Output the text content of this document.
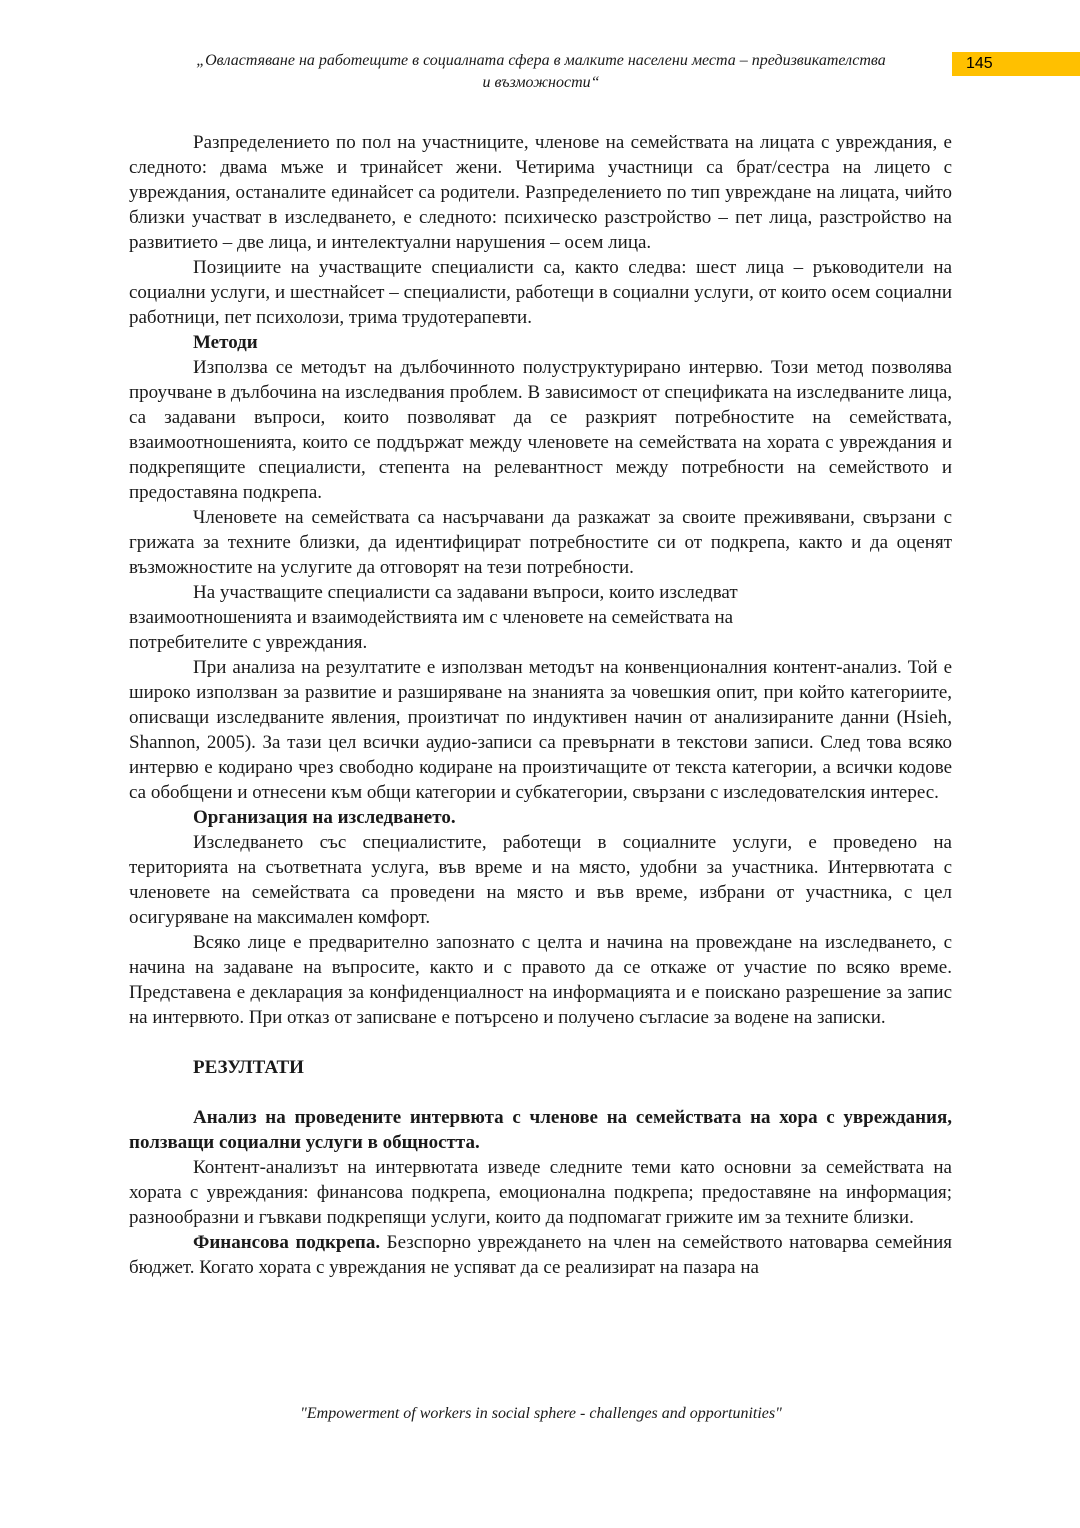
„Овластяване на работещите в социалната сфера в малките населени места – предизвикателства
и възможности“
145

Разпределението по пол на участниците, членове на семействата на лицата с увреждания, е следното: двама мъже и тринайсет жени. Четирима участници са брат/сестра на лицето с увреждания, останалите единайсет са родители. Разпределението по тип увреждане на лицата, чийто близки участват в изследването, е следното: психическо разстройство – пет лица, разстройство на развитието – две лица, и интелектуални нарушения – осем лица.

Позициите на участващите специалисти са, както следва: шест лица – ръководители на социални услуги, и шестнайсет – специалисти, работещи в социални услуги, от които осем социални работници, пет психолози, трима трудотерапевти.

Методи

Използва се методът на дълбочинното полуструктурирано интервю. Този метод позволява проучване в дълбочина на изследвания проблем. В зависимост от спецификата на изследваните лица, са задавани въпроси, които позволяват да се разкрият потребностите на семействата, взаимоотношенията, които се поддържат между членовете на семействата на хората с увреждания и подкрепящите специалисти, степента на релевантност между потребности на семейството и предоставяна подкрепа.

Членовете на семействата са насърчавани да разкажат за своите преживявани, свързани с грижата за техните близки, да идентифицират потребностите си от подкрепа, както и да оценят възможностите на услугите да отговорят на тези потребности.

На участващите специалисти са задавани въпроси, които изследват
взаимоотношенията и взаимодействията им с членовете на семействата на
потребителите с увреждания.

При анализа на резултатите е използван методът на конвенционалния контент-анализ. Той е широко използван за развитие и разширяване на знанията за човешкия опит, при който категориите, описващи изследваните явления, произтичат по индуктивен начин от анализираните данни (Hsieh, Shannon, 2005). За тази цел всички аудио-записи са превърнати в текстови записи. След това всяко интервю е кодирано чрез свободно кодиране на произтичащите от текста категории, а всички кодове са обобщени и отнесени към общи категории и субкатегории, свързани с изследователския интерес.

Организация на изследването.

Изследването със специалистите, работещи в социалните услуги, е проведено на територията на съответната услуга, във време и на място, удобни за участника. Интервютата с членовете на семействата са проведени на място и във време, избрани от участника, с цел осигуряване на максимален комфорт.

Всяко лице е предварително запознато с целта и начина на провеждане на изследването, с начина на задаване на въпросите, както и с правото да се откаже от участие по всяко време. Представена е декларация за конфиденциалност на информацията и е поискано разрешение за запис на интервюто. При отказ от записване е потърсено и получено съгласие за водене на записки.

РЕЗУЛТАТИ

Анализ на проведените интервюта с членове на семействата на хора с увреждания, ползващи социални услуги в общността.

Контент-анализът на интервютата изведе следните теми като основни за семействата на хората с увреждания: финансова подкрепа, емоционална подкрепа; предоставяне на информация; разнообразни и гъвкави подкрепящи услуги, които да подпомагат грижите им за техните близки.

Финансова подкрепа. Безспорно увреждането на член на семейството натоварва семейния бюджет. Когато хората с увреждания не успяват да се реализират на пазара на

"Empowerment of workers in social sphere - challenges and opportunities"
